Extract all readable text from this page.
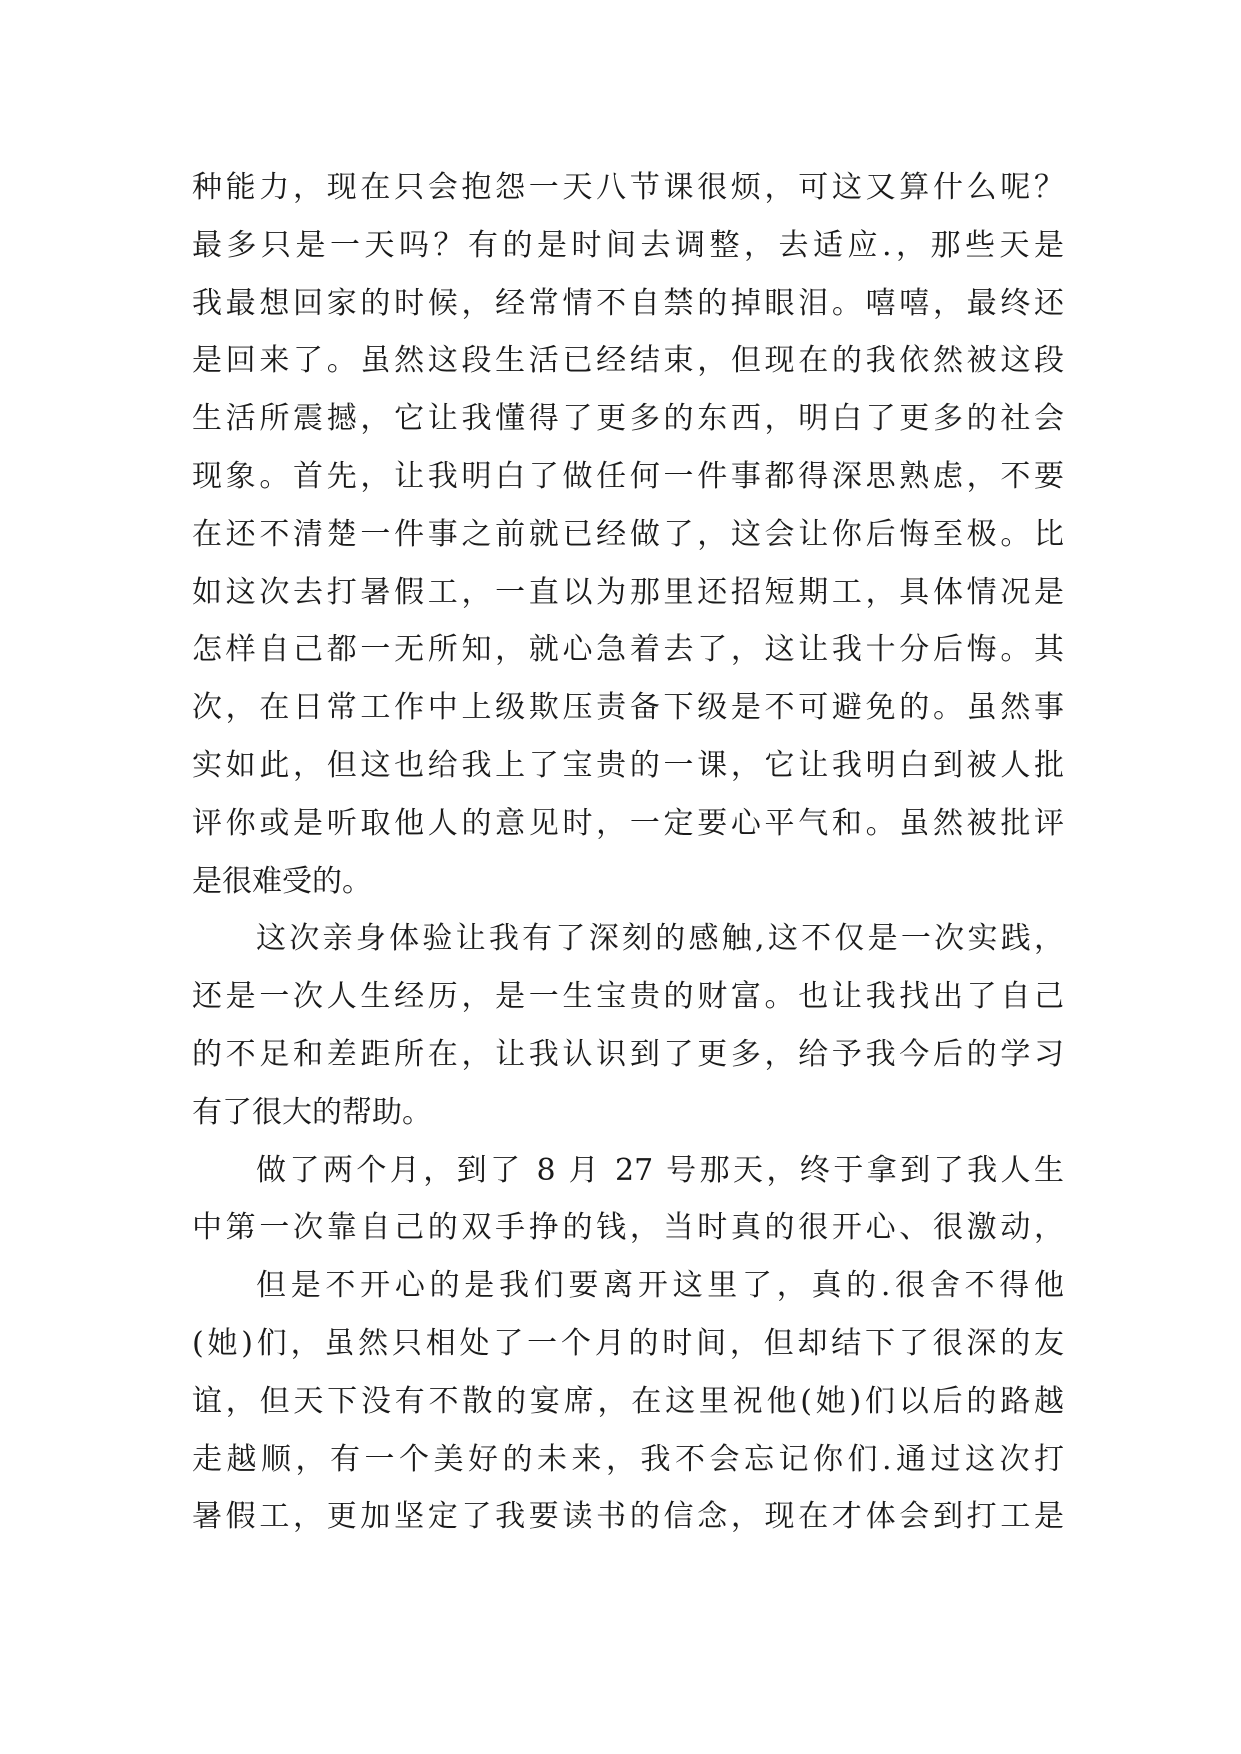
种能力，现在只会抱怨一天八节课很烦，可这又算什么呢？
最多只是一天吗？有的是时间去调整，去适应.，那些天是
我最想回家的时候，经常情不自禁的掉眼泪。嘻嘻，最终还
是回来了。虽然这段生活已经结束，但现在的我依然被这段
生活所震撼，它让我懂得了更多的东西，明白了更多的社会
现象。首先，让我明白了做任何一件事都得深思熟虑，不要
在还不清楚一件事之前就已经做了，这会让你后悔至极。比
如这次去打暑假工，一直以为那里还招短期工，具体情况是
怎样自己都一无所知，就心急着去了，这让我十分后悔。其
次，在日常工作中上级欺压责备下级是不可避免的。虽然事
实如此，但这也给我上了宝贵的一课，它让我明白到被人批
评你或是听取他人的意见时，一定要心平气和。虽然被批评
是很难受的。
这次亲身体验让我有了深刻的感触,这不仅是一次实践，
还是一次人生经历，是一生宝贵的财富。也让我找出了自己
的不足和差距所在，让我认识到了更多，给予我今后的学习
有了很大的帮助。
做了两个月，到了 8 月 27 号那天，终于拿到了我人生
中第一次靠自己的双手挣的钱，当时真的很开心、很激动，
但是不开心的是我们要离开这里了，真的.很舍不得他
(她)们，虽然只相处了一个月的时间，但却结下了很深的友
谊，但天下没有不散的宴席，在这里祝他(她)们以后的路越
走越顺，有一个美好的未来，我不会忘记你们.通过这次打
暑假工，更加坚定了我要读书的信念，现在才体会到打工是
